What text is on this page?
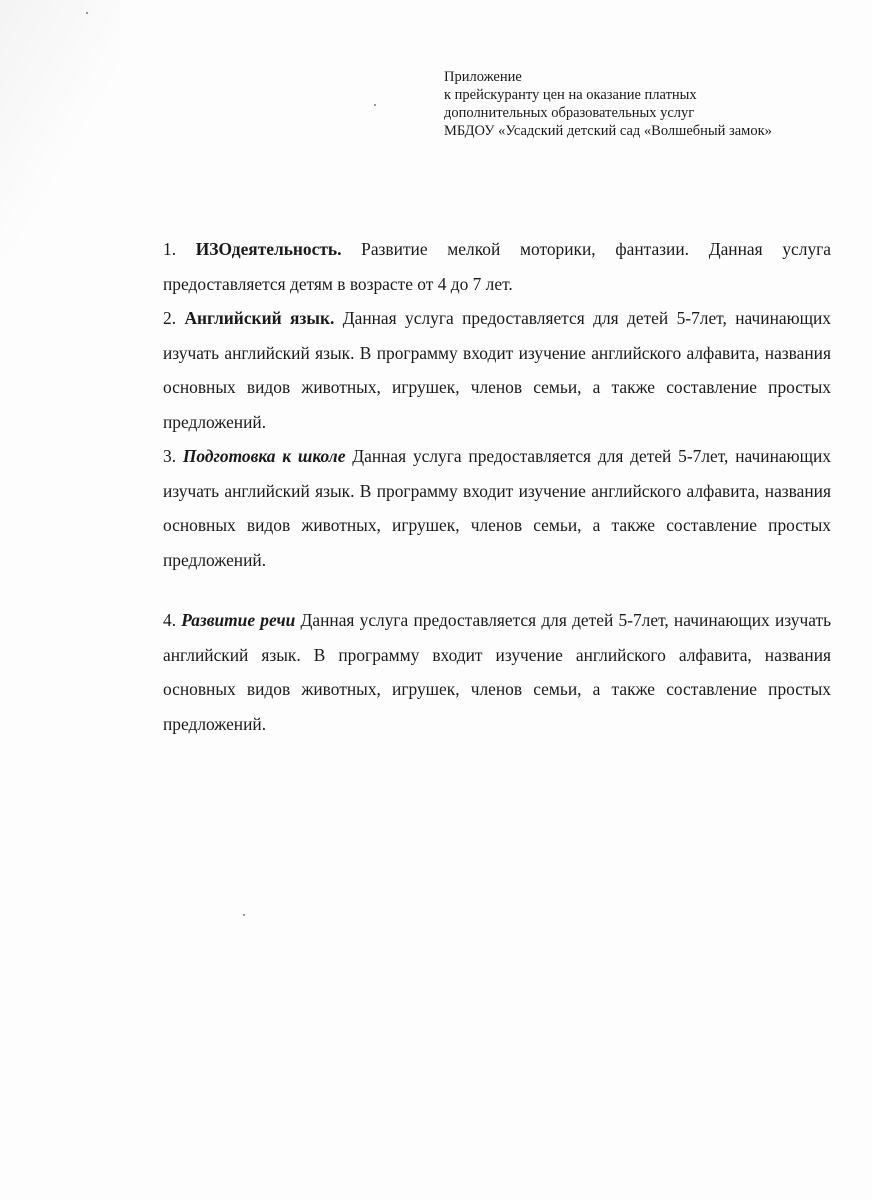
Приложение
к прейскуранту цен на оказание платных
дополнительных образовательных услуг
МБДОУ «Усадский детский сад «Волшебный замок»

1. ИЗОдеятельность. Развитие мелкой моторики, фантазии. Данная услуга предоставляется детям в возрасте от 4 до 7 лет.

2. Английский язык. Данная услуга предоставляется для детей 5-7лет, начинающих изучать английский язык. В программу входит изучение английского алфавита, названия основных видов животных, игрушек, членов семьи, а также составление простых предложений.

3. Подготовка к школе Данная услуга предоставляется для детей 5-7лет, начинающих изучать английский язык. В программу входит изучение английского алфавита, названия основных видов животных, игрушек, членов семьи, а также составление простых предложений.

4. Развитие речи Данная услуга предоставляется для детей 5-7лет, начинающих изучать английский язык. В программу входит изучение английского алфавита, названия основных видов животных, игрушек, членов семьи, а также составление простых предложений.
